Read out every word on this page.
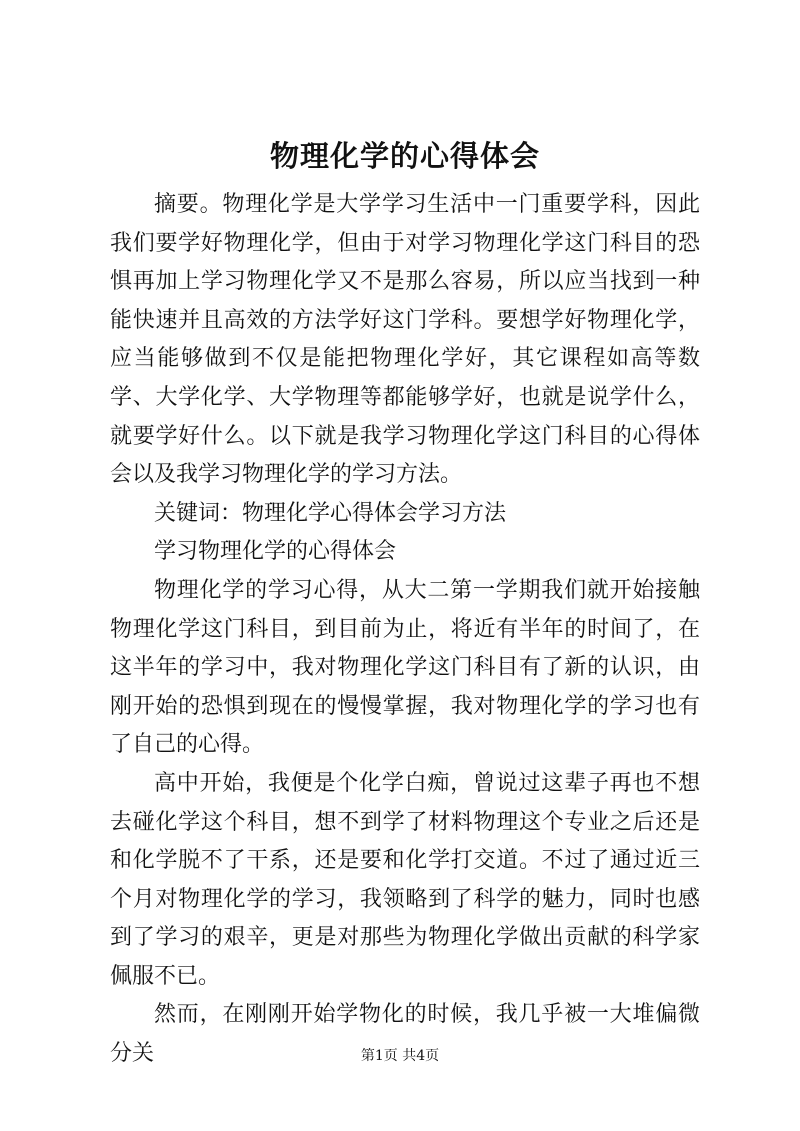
物理化学的心得体会

摘要。物理化学是大学学习生活中一门重要学科，因此我们要学好物理化学，但由于对学习物理化学这门科目的恐惧再加上学习物理化学又不是那么容易，所以应当找到一种能快速并且高效的方法学好这门学科。要想学好物理化学，应当能够做到不仅是能把物理化学好，其它课程如高等数学、大学化学、大学物理等都能够学好，也就是说学什么，就要学好什么。以下就是我学习物理化学这门科目的心得体会以及我学习物理化学的学习方法。

关键词：物理化学心得体会学习方法

学习物理化学的心得体会

物理化学的学习心得，从大二第一学期我们就开始接触物理化学这门科目，到目前为止，将近有半年的时间了，在这半年的学习中，我对物理化学这门科目有了新的认识，由刚开始的恐惧到现在的慢慢掌握，我对物理化学的学习也有了自己的心得。

高中开始，我便是个化学白痴，曾说过这辈子再也不想去碰化学这个科目，想不到学了材料物理这个专业之后还是和化学脱不了干系，还是要和化学打交道。不过了通过近三个月对物理化学的学习，我领略到了科学的魅力，同时也感到了学习的艰辛，更是对那些为物理化学做出贡献的科学家佩服不已。

然而，在刚刚开始学物化的时候，我几乎被一大堆偏微分关	第1页 共4页
